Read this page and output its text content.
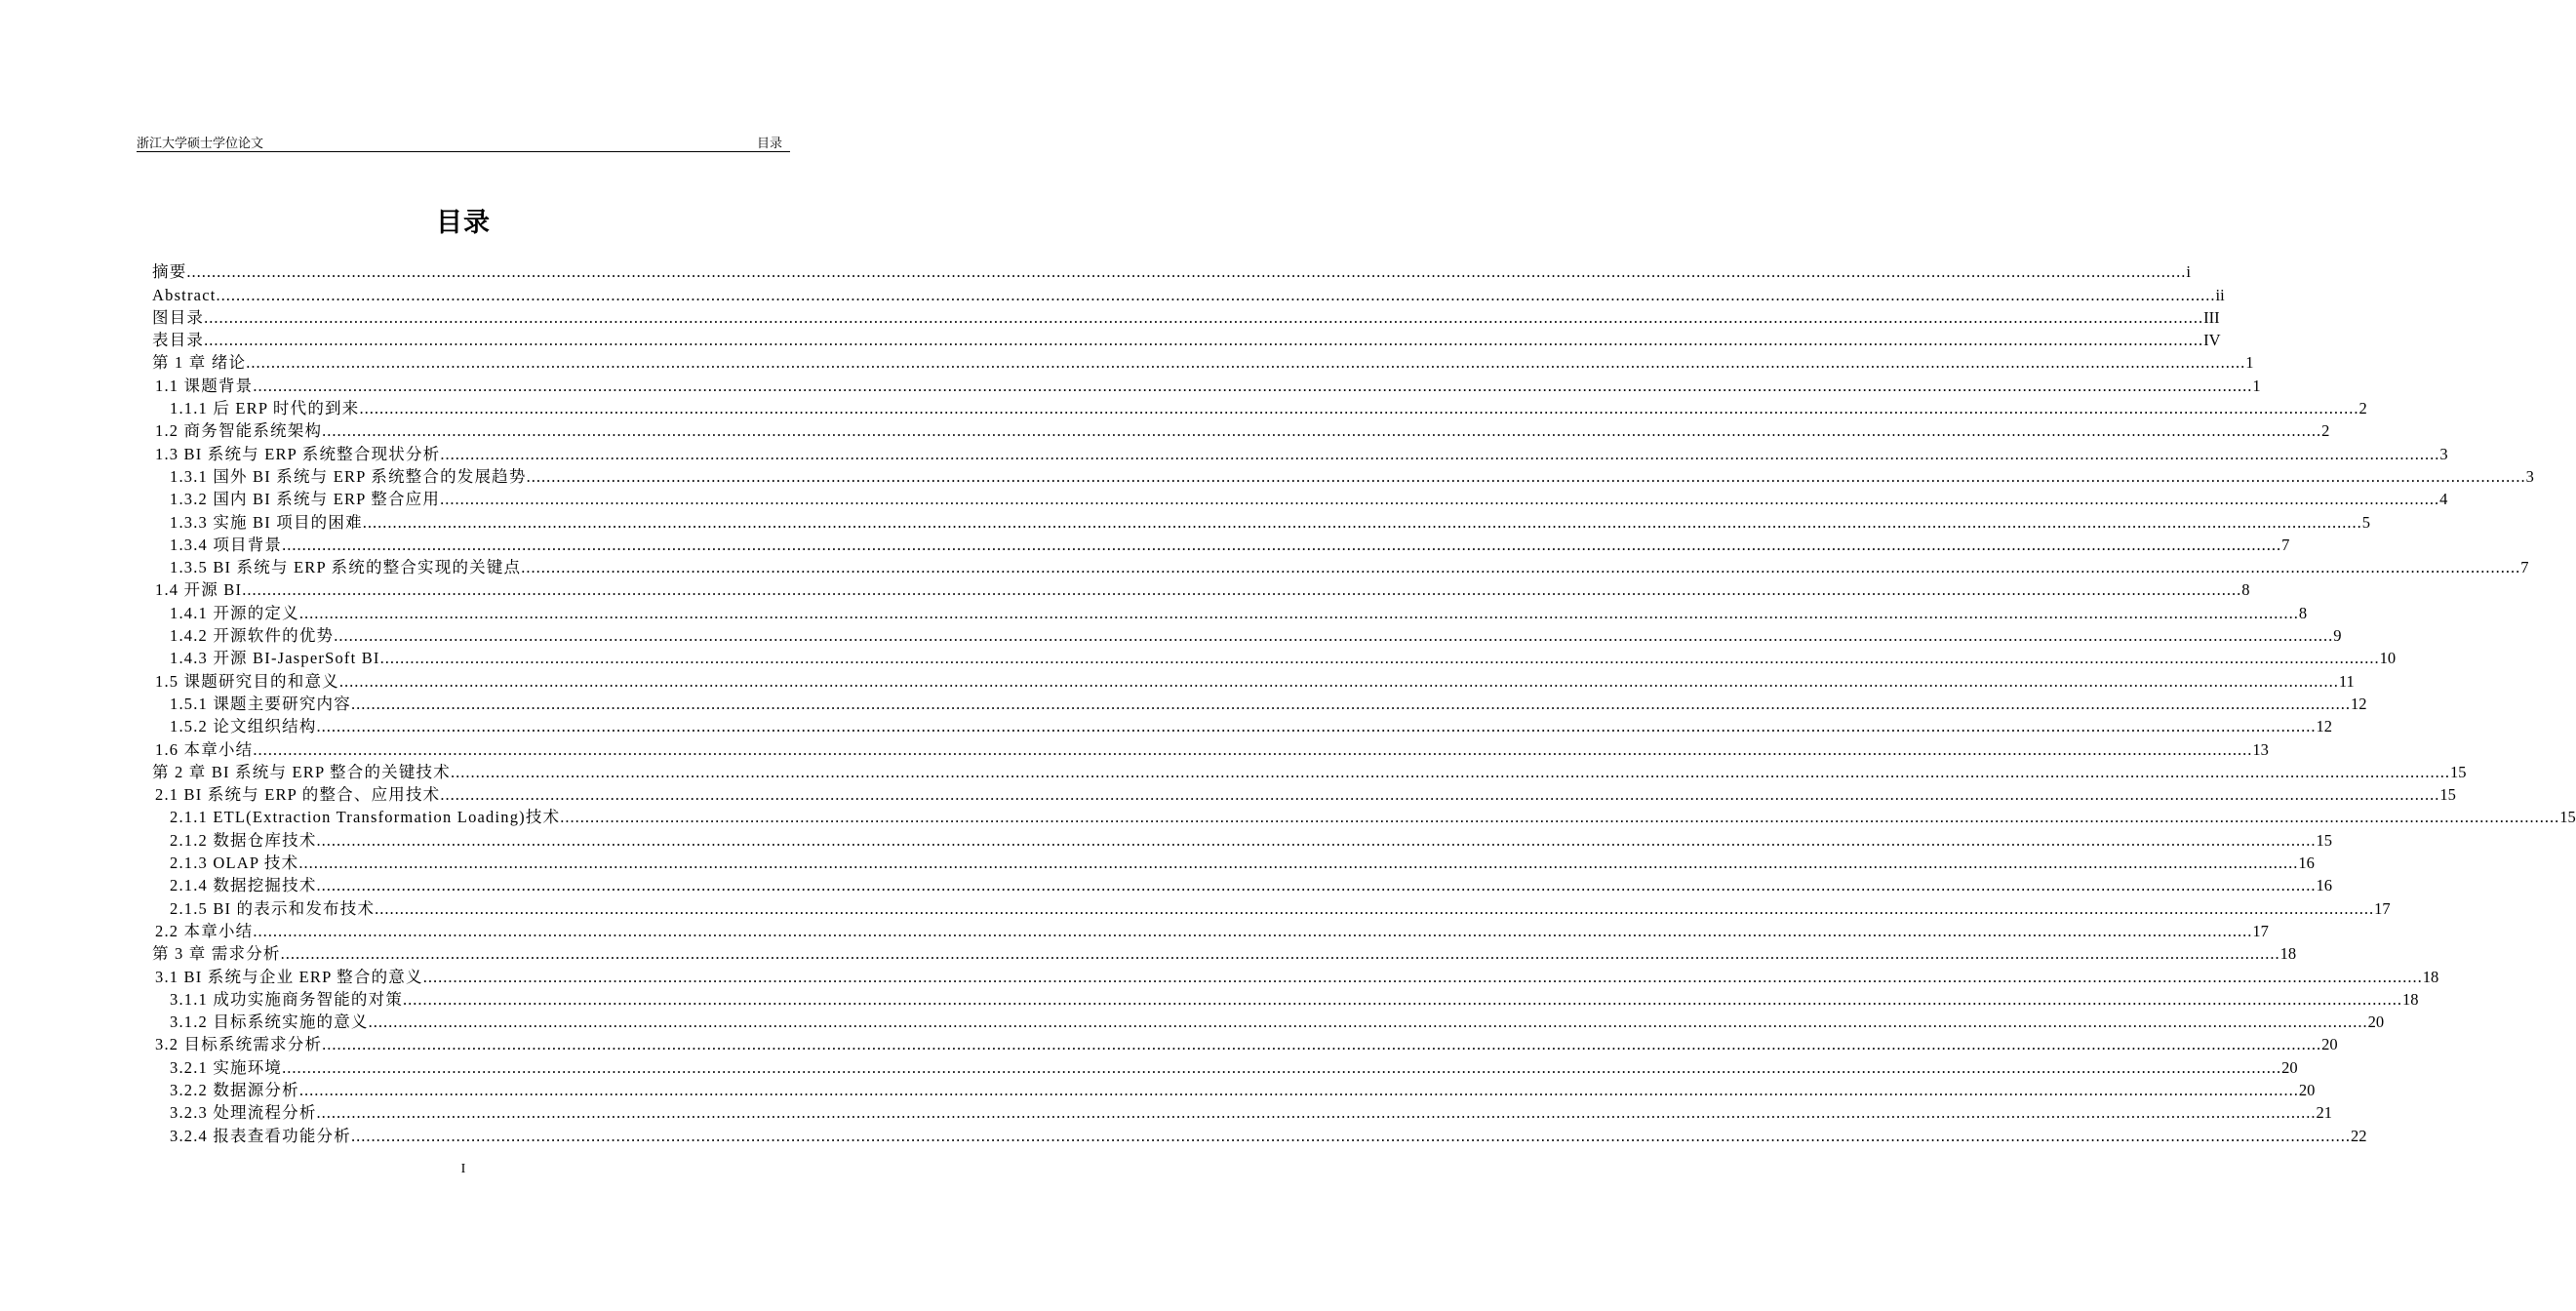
浙江大学硕士学位论文	目录
目录
摘要 ................................................................................................................................................................................................................................................................................................................................................................................................................ i
Abstract ................................................................................................................................................................................................................................................................................................................................................................................................................ ii
图目录 ................................................................................................................................................................................................................................................................................................................................................................................................................ III
表目录 ................................................................................................................................................................................................................................................................................................................................................................................................................ IV
第 1 章 绪论 ................................................................................................................................................................................................................................................................................................................................................................................................................ 1
1.1 课题背景 ................................................................................................................................................................................................................................................................................................................................................................................................................ 1
1.1.1 后 ERP 时代的到来 ................................................................................................................................................................................................................................................................................................................................................................................................................ 2
1.2 商务智能系统架构 ................................................................................................................................................................................................................................................................................................................................................................................................................ 2
1.3 BI 系统与 ERP 系统整合现状分析 ................................................................................................................................................................................................................................................................................................................................................................................................................ 3
1.3.1 国外 BI 系统与 ERP 系统整合的发展趋势 ................................................................................................................................................................................................................................................................................................................................................................................................................ 3
1.3.2 国内 BI 系统与 ERP 整合应用 ................................................................................................................................................................................................................................................................................................................................................................................................................ 4
1.3.3 实施 BI 项目的困难 ................................................................................................................................................................................................................................................................................................................................................................................................................ 5
1.3.4 项目背景 ................................................................................................................................................................................................................................................................................................................................................................................................................ 7
1.3.5 BI 系统与 ERP 系统的整合实现的关键点 ................................................................................................................................................................................................................................................................................................................................................................................................................ 7
1.4 开源 BI ................................................................................................................................................................................................................................................................................................................................................................................................................ 8
1.4.1 开源的定义 ................................................................................................................................................................................................................................................................................................................................................................................................................ 8
1.4.2 开源软件的优势 ................................................................................................................................................................................................................................................................................................................................................................................................................ 9
1.4.3 开源 BI-JasperSoft BI ................................................................................................................................................................................................................................................................................................................................................................................................................ 10
1.5 课题研究目的和意义 ................................................................................................................................................................................................................................................................................................................................................................................................................ 11
1.5.1 课题主要研究内容 ................................................................................................................................................................................................................................................................................................................................................................................................................ 12
1.5.2 论文组织结构 ................................................................................................................................................................................................................................................................................................................................................................................................................ 12
1.6 本章小结 ................................................................................................................................................................................................................................................................................................................................................................................................................ 13
第 2 章 BI 系统与 ERP 整合的关键技术 ................................................................................................................................................................................................................................................................................................................................................................................................................ 15
2.1 BI 系统与 ERP 的整合、应用技术 ................................................................................................................................................................................................................................................................................................................................................................................................................ 15
2.1.1 ETL(Extraction Transformation Loading)技术 ................................................................................................................................................................................................................................................................................................................................................................................................................ 15
2.1.2 数据仓库技术 ................................................................................................................................................................................................................................................................................................................................................................................................................ 15
2.1.3 OLAP 技术 ................................................................................................................................................................................................................................................................................................................................................................................................................ 16
2.1.4 数据挖掘技术 ................................................................................................................................................................................................................................................................................................................................................................................................................ 16
2.1.5 BI 的表示和发布技术 ................................................................................................................................................................................................................................................................................................................................................................................................................ 17
2.2 本章小结 ................................................................................................................................................................................................................................................................................................................................................................................................................ 17
第 3 章 需求分析 ................................................................................................................................................................................................................................................................................................................................................................................................................ 18
3.1 BI 系统与企业 ERP 整合的意义 ................................................................................................................................................................................................................................................................................................................................................................................................................ 18
3.1.1 成功实施商务智能的对策 ................................................................................................................................................................................................................................................................................................................................................................................................................ 18
3.1.2 目标系统实施的意义 ................................................................................................................................................................................................................................................................................................................................................................................................................ 20
3.2 目标系统需求分析 ................................................................................................................................................................................................................................................................................................................................................................................................................ 20
3.2.1 实施环境 ................................................................................................................................................................................................................................................................................................................................................................................................................ 20
3.2.2 数据源分析 ................................................................................................................................................................................................................................................................................................................................................................................................................ 20
3.2.3 处理流程分析 ................................................................................................................................................................................................................................................................................................................................................................................................................ 21
3.2.4 报表查看功能分析 ................................................................................................................................................................................................................................................................................................................................................................................................................ 22
I
